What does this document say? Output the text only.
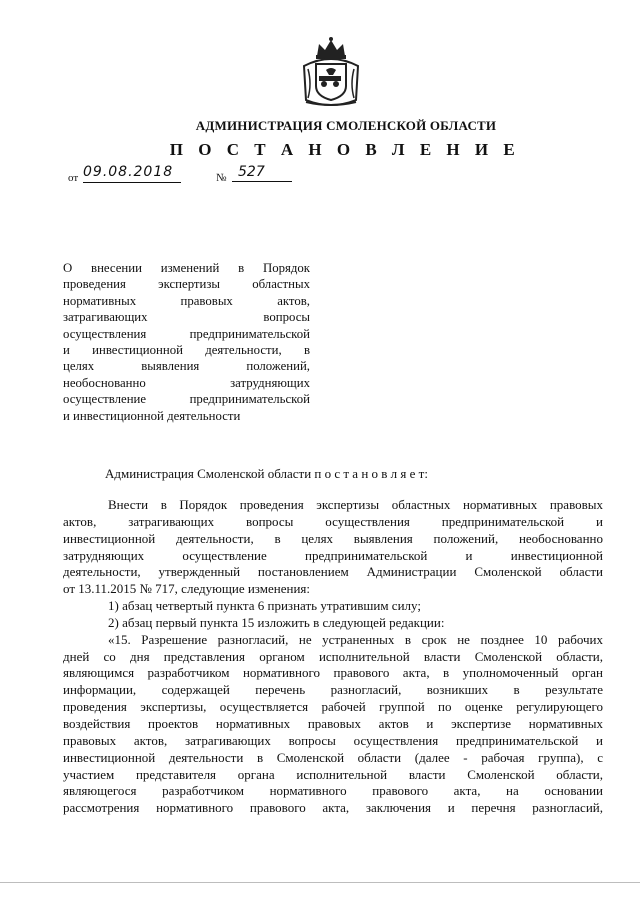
АДМИНИСТРАЦИЯ СМОЛЕНСКОЙ ОБЛАСТИ
П О С Т А Н О В Л Е Н И Е
от 09.08.2018	№ 527
О внесении изменений в Порядок
проведения экспертизы областных
нормативных правовых актов,
затрагивающих вопросы
осуществления предпринимательской
и инвестиционной деятельности, в
целях выявления положений,
необоснованно затрудняющих
осуществление предпринимательской
и инвестиционной деятельности
Администрация Смоленской области п о с т а н о в л я е т:
Внести в Порядок проведения экспертизы областных нормативных правовых
актов, затрагивающих вопросы осуществления предпринимательской и
инвестиционной деятельности, в целях выявления положений, необоснованно
затрудняющих осуществление предпринимательской и инвестиционной
деятельности, утвержденный постановлением Администрации Смоленской области
от 13.11.2015 № 717, следующие изменения:
1) абзац четвертый пункта 6 признать утратившим силу;
2) абзац первый пункта 15 изложить в следующей редакции:
«15. Разрешение разногласий, не устраненных в срок не позднее 10 рабочих
дней со дня представления органом исполнительной власти Смоленской области,
являющимся разработчиком нормативного правового акта, в уполномоченный орган
информации, содержащей перечень разногласий, возникших в результате
проведения экспертизы, осуществляется рабочей группой по оценке регулирующего
воздействия проектов нормативных правовых актов и экспертизе нормативных
правовых актов, затрагивающих вопросы осуществления предпринимательской и
инвестиционной деятельности в Смоленской области (далее - рабочая группа), с
участием представителя органа исполнительной власти Смоленской области,
являющегося разработчиком нормативного правового акта, на основании
рассмотрения нормативного правового акта, заключения и перечня разногласий,
